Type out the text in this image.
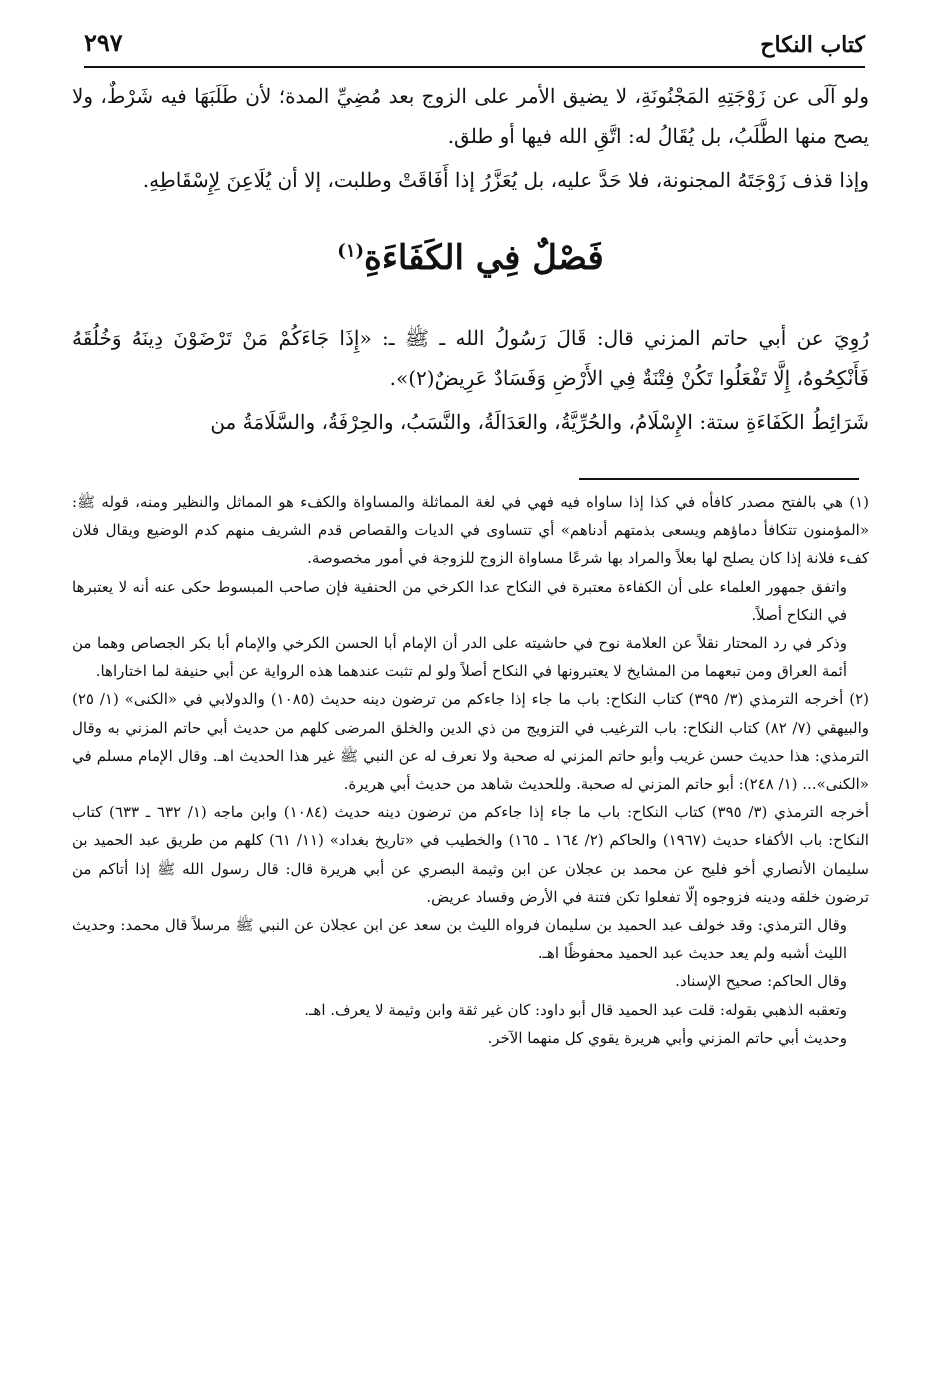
كتاب النكاح
٢٩٧

ولو آلَى عن زَوْجَتِهِ المَجْنُونَةِ، لا يضيق الأمر على الزوج بعد مُضِيِّ المدة؛ لأن طَلَبَهَا فيه شَرْطٌ، ولا يصح منها الطَّلَبُ، بل يُقَالُ له: اتَّقِ الله فيها أو طلق.

وإذا قذف زَوْجَتَهُ المجنونة، فلا حَدَّ عليه، بل يُعَزَّرُ إذا أَفَاقَتْ وطلبت، إلا أن يُلَاعِنَ لِإِسْقَاطِهِ.

فَصْلٌ فِي الكَفَاءَةِ$^{(١)}$

رُوِيَ عن أبي حاتم المزني قال: قَالَ رَسُولُ الله ـ ﷺ ـ: «إِذَا جَاءَكُمْ مَنْ تَرْضَوْنَ دِينَهُ وَخُلُقَهُ فَأَنْكِحُوهُ، إِلَّا تَفْعَلُوا تَكُنْ فِتْنَةٌ فِي الأَرْضِ وَفَسَادٌ عَرِيضٌ(٢)».

شَرَائِطُ الكَفَاءَةِ ستة: الإِسْلَامُ، والحُرِّيَّةُ، والعَدَالَةُ، والنَّسَبُ، والحِرْفَةُ، والسَّلَامَةُ من

(١) هي بالفتح مصدر كافأه في كذا إذا ساواه فيه فهي في لغة المماثلة والمساواة والكفء هو المماثل والنظير ومنه، قوله ﷺ: «المؤمنون تتكافأ دماؤهم ويسعى بذمتهم أدناهم» أي تتساوى في الديات والقصاص قدم الشريف منهم كدم الوضيع ويقال فلان كفء فلانة إذا كان يصلح لها بعلاً والمراد بها شرعًا مساواة الزوج للزوجة في أمور مخصوصة.

واتفق جمهور العلماء على أن الكفاءة معتبرة في النكاح عدا الكرخي من الحنفية فإن صاحب المبسوط حكى عنه أنه لا يعتبرها في النكاح أصلاً.

وذكر في رد المحتار نقلاً عن العلامة نوح في حاشيته على الدر أن الإمام أبا الحسن الكرخي والإمام أبا بكر الجصاص وهما من أئمة العراق ومن تبعهما من المشايخ لا يعتبرونها في النكاح أصلاً ولو لم تثبت عندهما هذه الرواية عن أبي حنيفة لما اختاراها.

(٢) أخرجه الترمذي (٣/ ٣٩٥) كتاب النكاح: باب ما جاء إذا جاءكم من ترضون دينه حديث (١٠٨٥) والدولابي في «الكنى» (١/ ٢٥) والبيهقي (٧/ ٨٢) كتاب النكاح: باب الترغيب في التزويج من ذي الدين والخلق المرضى كلهم من حديث أبي حاتم المزني به وقال الترمذي: هذا حديث حسن غريب وأبو حاتم المزني له صحبة ولا نعرف له عن النبي ﷺ غير هذا الحديث اهـ. وقال الإمام مسلم في «الكنى»... (١/ ٢٤٨): أبو حاتم المزني له صحبة. وللحديث شاهد من حديث أبي هريرة.

أخرجه الترمذي (٣/ ٣٩٥) كتاب النكاح: باب ما جاء إذا جاءكم من ترضون دينه حديث (١٠٨٤) وابن ماجه (١/ ٦٣٢ ـ ٦٣٣) كتاب النكاح: باب الأكفاء حديث (١٩٦٧) والحاكم (٢/ ١٦٤ ـ ١٦٥) والخطيب في «تاريخ بغداد» (١١/ ٦١) كلهم من طريق عبد الحميد بن سليمان الأنصاري أخو فليح عن محمد بن عجلان عن ابن وثيمة البصري عن أبي هريرة قال: قال رسول الله ﷺ إذا أتاكم من ترضون خلقه ودينه فزوجوه إلّا تفعلوا تكن فتنة في الأرض وفساد عريض.

وقال الترمذي: وقد خولف عبد الحميد بن سليمان فرواه الليث بن سعد عن ابن عجلان عن النبي ﷺ مرسلاً قال محمد: وحديث الليث أشبه ولم يعد حديث عبد الحميد محفوظًا اهـ.

وقال الحاكم: صحيح الإسناد.

وتعقبه الذهبي بقوله: قلت عبد الحميد قال أبو داود: كان غير ثقة وابن وثيمة لا يعرف. اهـ.

وحديث أبي حاتم المزني وأبي هريرة يقوي كل منهما الآخر.
